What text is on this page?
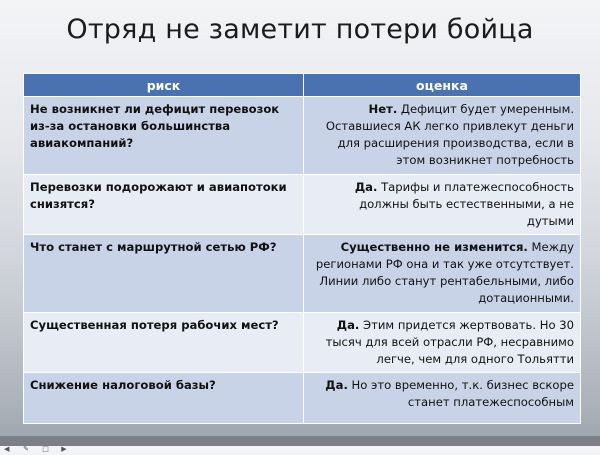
Отряд не заметит потери бойца
риск	оценка
Не возникнет ли дефицит перевозок из-за остановки большинства авиакомпаний?	Нет. Дефицит будет умеренным. Оставшиеся АК легко привлекут деньги для расширения производства, если в этом возникнет потребность
Перевозки подорожают и авиапотоки снизятся?	Да. Тарифы и платежеспособность должны быть естественными, а не дутыми
Что станет с маршрутной сетью РФ?	Существенно не изменится. Между регионами РФ она и так уже отсутствует. Линии либо станут рентабельными, либо дотационными.
Существенная потеря рабочих мест?	Да. Этим придется жертвовать. Но 30 тысяч для всей отрасли РФ, несравнимо легче, чем для одного Тольятти
Снижение налоговой базы?	Да. Но это временно, т.к. бизнес вскоре станет платежеспособным
◀ ✎ □ ▶
